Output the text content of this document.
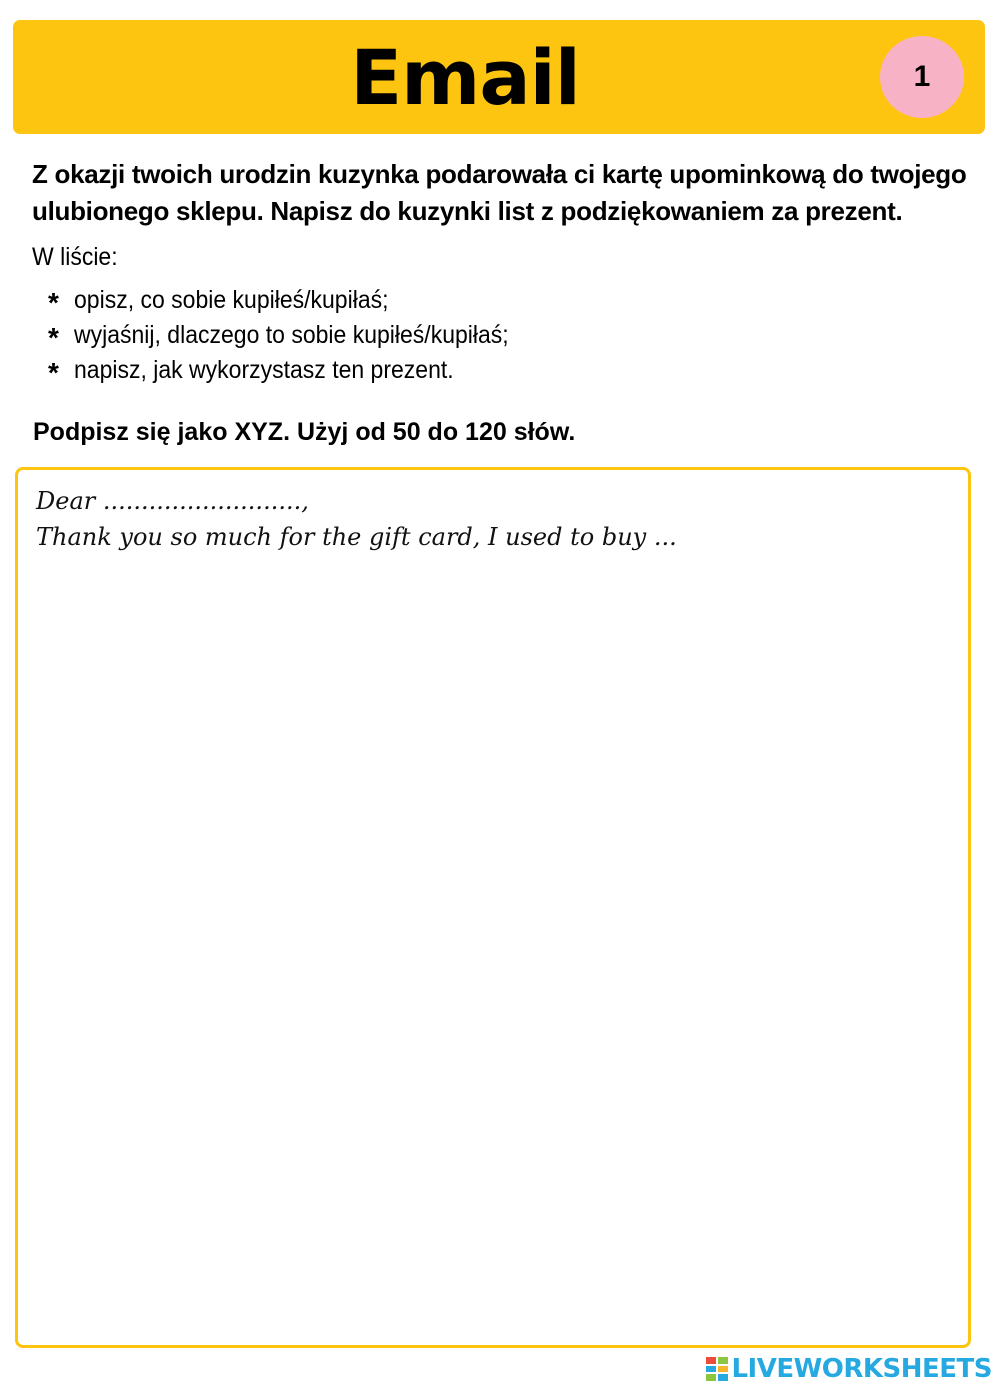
Email	1
Z okazji twoich urodzin kuzynka podarowała ci kartę upominkową do twojego ulubionego sklepu. Napisz do kuzynki list z podziękowaniem za prezent.
W liście:
* opisz, co sobie kupiłeś/kupiłaś;
* wyjaśnij, dlaczego to sobie kupiłeś/kupiłaś;
* napisz, jak wykorzystasz ten prezent.
Podpisz się jako XYZ. Użyj od 50 do 120 słów.
Dear ..........................,
Thank you so much for the gift card, I used to buy ...
LIVEWORKSHEETS
